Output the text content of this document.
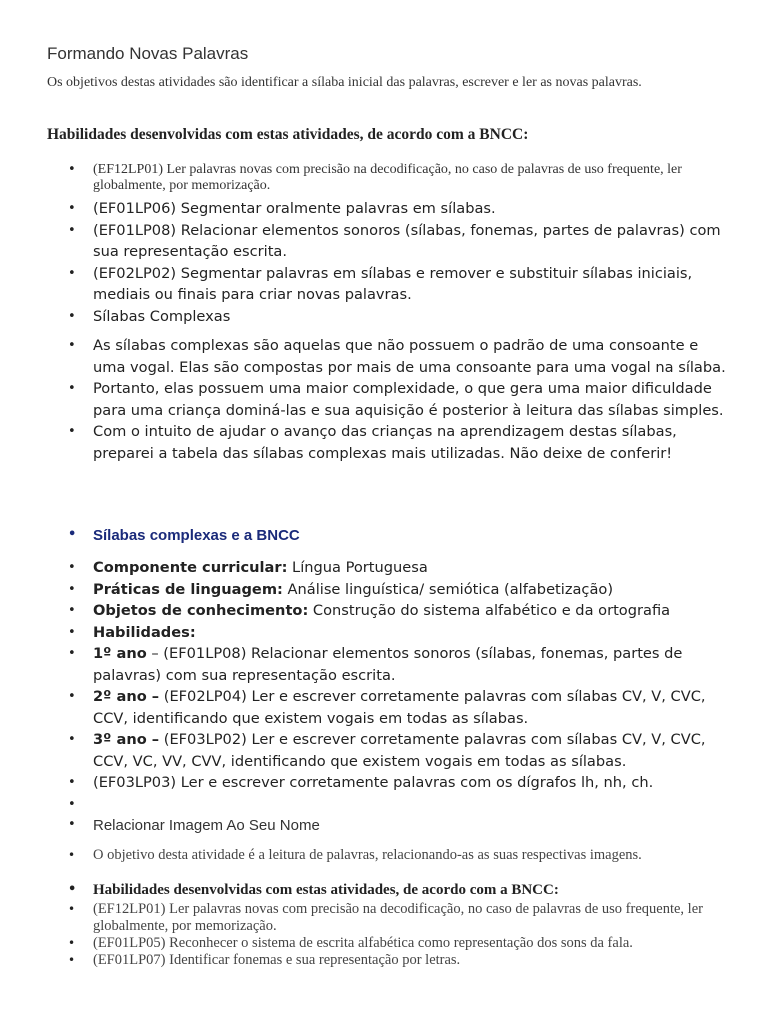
Formando Novas Palavras

Os objetivos destas atividades são identificar a sílaba inicial das palavras, escrever e ler as novas palavras.

Habilidades desenvolvidas com estas atividades, de acordo com a BNCC:

• (EF12LP01) Ler palavras novas com precisão na decodificação, no caso de palavras de uso frequente, ler globalmente, por memorização.
• (EF01LP06) Segmentar oralmente palavras em sílabas.
• (EF01LP08) Relacionar elementos sonoros (sílabas, fonemas, partes de palavras) com sua representação escrita.
• (EF02LP02) Segmentar palavras em sílabas e remover e substituir sílabas iniciais, mediais ou finais para criar novas palavras.
• Sílabas Complexas
• As sílabas complexas são aquelas que não possuem o padrão de uma consoante e uma vogal. Elas são compostas por mais de uma consoante para uma vogal na sílaba.
• Portanto, elas possuem uma maior complexidade, o que gera uma maior dificuldade para uma criança dominá-las e sua aquisição é posterior à leitura das sílabas simples.
• Com o intuito de ajudar o avanço das crianças na aprendizagem destas sílabas, preparei a tabela das sílabas complexas mais utilizadas. Não deixe de conferir!
• Sílabas complexas e a BNCC
• Componente curricular: Língua Portuguesa
• Práticas de linguagem: Análise linguística/ semiótica (alfabetização)
• Objetos de conhecimento: Construção do sistema alfabético e da ortografia
• Habilidades:
• 1º ano – (EF01LP08) Relacionar elementos sonoros (sílabas, fonemas, partes de palavras) com sua representação escrita.
• 2º ano – (EF02LP04) Ler e escrever corretamente palavras com sílabas CV, V, CVC, CCV, identificando que existem vogais em todas as sílabas.
• 3º ano – (EF03LP02) Ler e escrever corretamente palavras com sílabas CV, V, CVC, CCV, VC, VV, CVV, identificando que existem vogais em todas as sílabas.
• (EF03LP03) Ler e escrever corretamente palavras com os dígrafos lh, nh, ch.
•
• Relacionar Imagem Ao Seu Nome
• O objetivo desta atividade é a leitura de palavras, relacionando-as as suas respectivas imagens.
• Habilidades desenvolvidas com estas atividades, de acordo com a BNCC:
• (EF12LP01) Ler palavras novas com precisão na decodificação, no caso de palavras de uso frequente, ler globalmente, por memorização.
• (EF01LP05) Reconhecer o sistema de escrita alfabética como representação dos sons da fala.
• (EF01LP07) Identificar fonemas e sua representação por letras.
